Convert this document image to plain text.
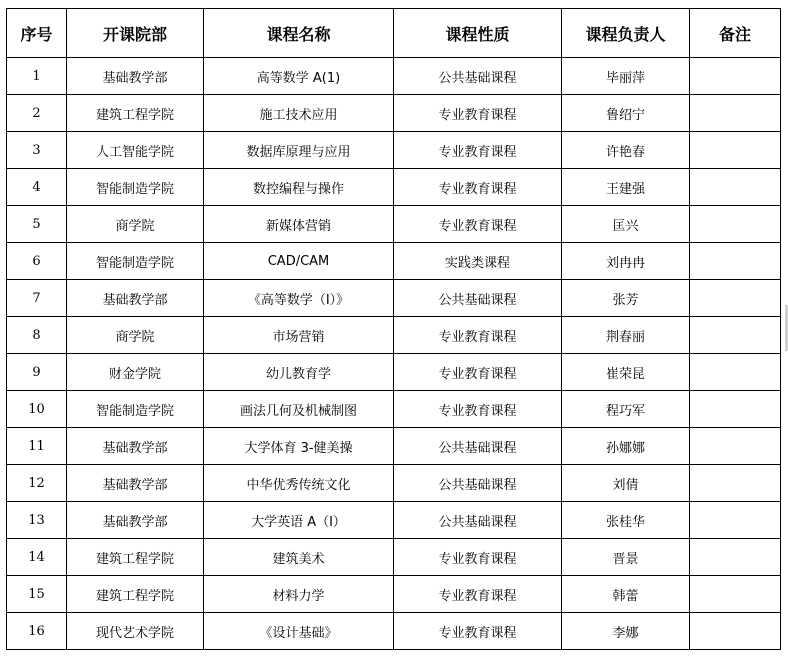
序号	开课院部	课程名称	课程性质	课程负责人	备注
1	基础教学部	高等数学 A(1)	公共基础课程	毕丽萍	
2	建筑工程学院	施工技术应用	专业教育课程	鲁绍宁	
3	人工智能学院	数据库原理与应用	专业教育课程	许艳春	
4	智能制造学院	数控编程与操作	专业教育课程	王建强	
5	商学院	新媒体营销	专业教育课程	匡兴	
6	智能制造学院	CAD/CAM	实践类课程	刘冉冉	
7	基础教学部	《高等数学（I）》	公共基础课程	张芳	
8	商学院	市场营销	专业教育课程	荆春丽	
9	财金学院	幼儿教育学	专业教育课程	崔荣昆	
10	智能制造学院	画法几何及机械制图	专业教育课程	程巧军	
11	基础教学部	大学体育 3-健美操	公共基础课程	孙娜娜	
12	基础教学部	中华优秀传统文化	公共基础课程	刘倩	
13	基础教学部	大学英语 A（I）	公共基础课程	张桂华	
14	建筑工程学院	建筑美术	专业教育课程	晋景	
15	建筑工程学院	材料力学	专业教育课程	韩蕾	
16	现代艺术学院	《设计基础》	专业教育课程	李娜	
